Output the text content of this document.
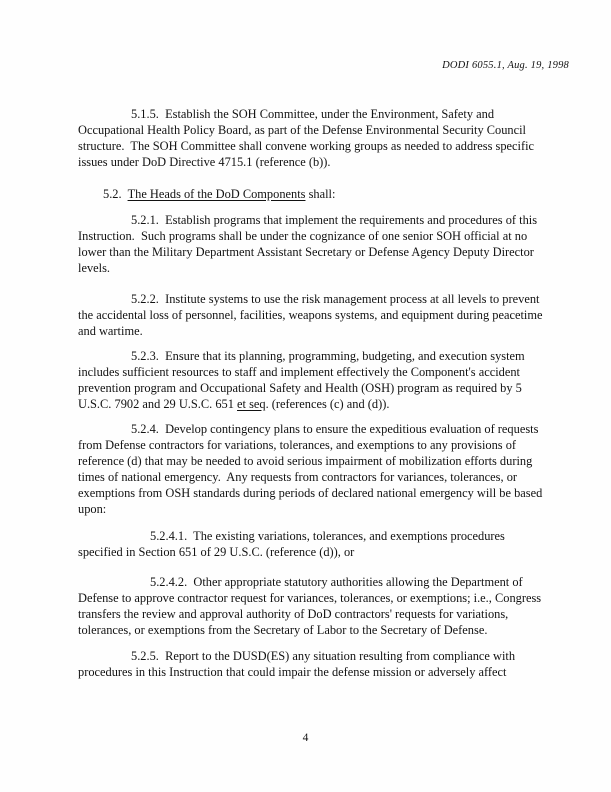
DODI 6055.1, Aug. 19, 1998

5.1.5.  Establish the SOH Committee, under the Environment, Safety and Occupational Health Policy Board, as part of the Defense Environmental Security Council structure.  The SOH Committee shall convene working groups as needed to address specific issues under DoD Directive 4715.1 (reference (b)).

5.2.  The Heads of the DoD Components shall:

5.2.1.  Establish programs that implement the requirements and procedures of this Instruction.  Such programs shall be under the cognizance of one senior SOH official at no lower than the Military Department Assistant Secretary or Defense Agency Deputy Director levels.

5.2.2.  Institute systems to use the risk management process at all levels to prevent the accidental loss of personnel, facilities, weapons systems, and equipment during peacetime and wartime.

5.2.3.  Ensure that its planning, programming, budgeting, and execution system includes sufficient resources to staff and implement effectively the Component's accident prevention program and Occupational Safety and Health (OSH) program as required by 5 U.S.C. 7902 and 29 U.S.C. 651 et seq. (references (c) and (d)).

5.2.4.  Develop contingency plans to ensure the expeditious evaluation of requests from Defense contractors for variations, tolerances, and exemptions to any provisions of reference (d) that may be needed to avoid serious impairment of mobilization efforts during times of national emergency.  Any requests from contractors for variances, tolerances, or exemptions from OSH standards during periods of declared national emergency will be based upon:

5.2.4.1.  The existing variations, tolerances, and exemptions procedures specified in Section 651 of 29 U.S.C. (reference (d)), or

5.2.4.2.  Other appropriate statutory authorities allowing the Department of Defense to approve contractor request for variances, tolerances, or exemptions; i.e., Congress transfers the review and approval authority of DoD contractors' requests for variations, tolerances, or exemptions from the Secretary of Labor to the Secretary of Defense.

5.2.5.  Report to the DUSD(ES) any situation resulting from compliance with procedures in this Instruction that could impair the defense mission or adversely affect

4
